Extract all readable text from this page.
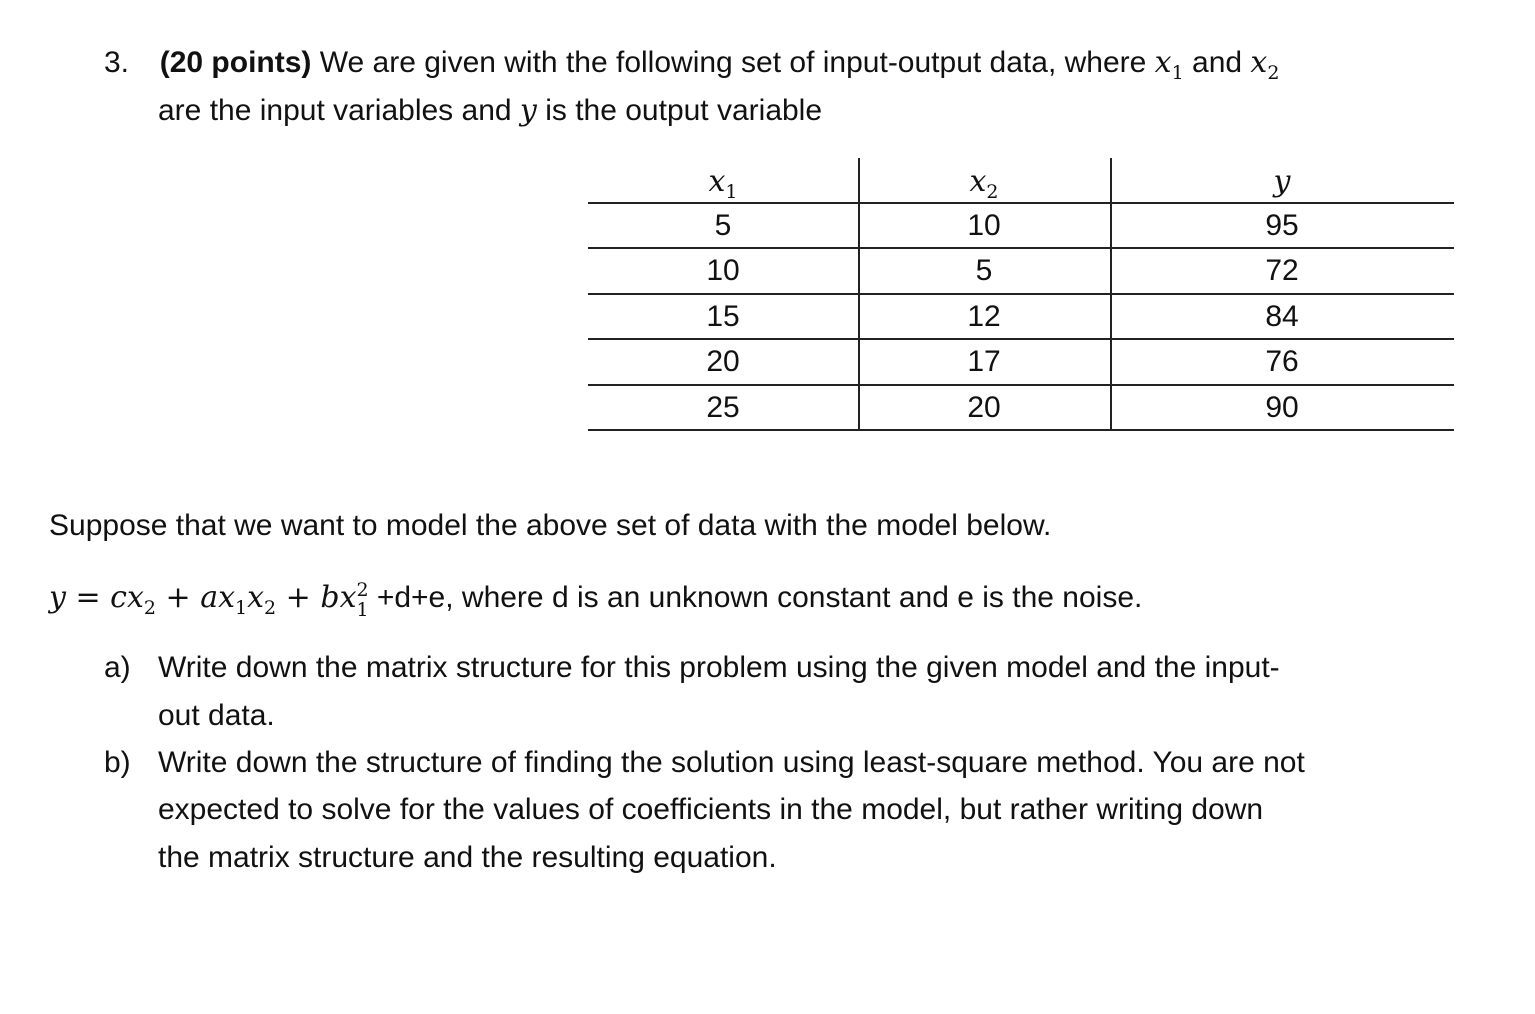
3. (20 points) We are given with the following set of input-output data, where $x_1$ and $x_2$
are the input variables and y is the output variable
$x_1$	$x_2$	y
5	10	95
10	5	72
15	12	84
20	17	76
25	20	90
Suppose that we want to model the above set of data with the model below.
$y = cx_2 + ax_1x_2$ + bx 2
1 +d+e, where d is an unknown constant and e is the noise.
a) Write down the matrix structure for this problem using the given model and the input-
out data.
b) Write down the structure of finding the solution using least-square method. You are not
expected to solve for the values of coefficients in the model, but rather writing down
the matrix structure and the resulting equation.
